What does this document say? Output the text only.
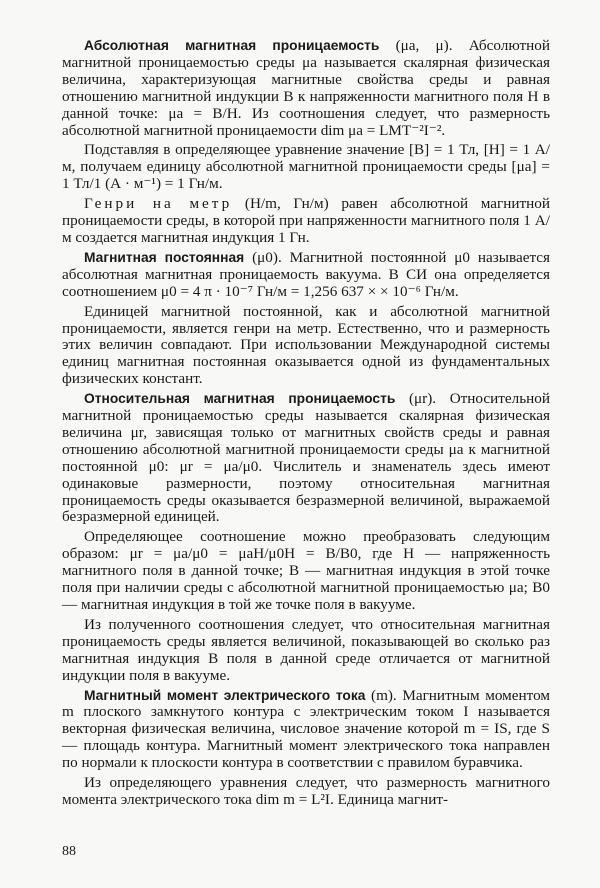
Абсолютная магнитная проницаемость (μa, μ). Абсолютной магнитной проницаемостью среды μa называется скалярная физическая величина, характеризующая магнитные свойства среды и равная отношению магнитной индукции B к напряженности магнитного поля H в данной точке: μa = B/H. Из соотношения следует, что размерность абсолютной магнитной проницаемости dim μa = LMT⁻²I⁻².

Подставляя в определяющее уравнение значение [B] = 1 Тл, [H] = 1 А/м, получаем единицу абсолютной магнитной проницаемости среды [μa] = 1 Тл/1 (А · м⁻¹) = 1 Гн/м.

Генри на метр (Н/m, Гн/м) равен абсолютной магнитной проницаемости среды, в которой при напряженности магнитного поля 1 А/м создается магнитная индукция 1 Гн.

Магнитная постоянная (μ0). Магнитной постоянной μ0 называется абсолютная магнитная проницаемость вакуума. В СИ она определяется соотношением μ0 = 4 π · 10⁻⁷ Гн/м = 1,256 637 × × 10⁻⁶ Гн/м.

Единицей магнитной постоянной, как и абсолютной магнитной проницаемости, является генри на метр. Естественно, что и размерность этих величин совпадают. При использовании Международной системы единиц магнитная постоянная оказывается одной из фундаментальных физических констант.

Относительная магнитная проницаемость (μr). Относительной магнитной проницаемостью среды называется скалярная физическая величина μr, зависящая только от магнитных свойств среды и равная отношению абсолютной магнитной проницаемости среды μa к магнитной постоянной μ0: μr = μa/μ0. Числитель и знаменатель здесь имеют одинаковые размерности, поэтому относительная магнитная проницаемость среды оказывается безразмерной величиной, выражаемой безразмерной единицей.

Определяющее соотношение можно преобразовать следующим образом: μr = μa/μ0 = μaH/μ0H = B/B0, где H — напряженность магнитного поля в данной точке; B — магнитная индукция в этой точке поля при наличии среды с абсолютной магнитной проницаемостью μa; B0 — магнитная индукция в той же точке поля в вакууме.

Из полученного соотношения следует, что относительная магнитная проницаемость среды является величиной, показывающей во сколько раз магнитная индукция B поля в данной среде отличается от магнитной индукции поля в вакууме.

Магнитный момент электрического тока (m). Магнитным моментом m плоского замкнутого контура с электрическим током I называется векторная физическая величина, числовое значение которой m = IS, где S — площадь контура. Магнитный момент электрического тока направлен по нормали к плоскости контура в соответствии с правилом буравчика.

Из определяющего уравнения следует, что размерность магнитного момента электрического тока dim m = L²I. Единица магнит-

88
